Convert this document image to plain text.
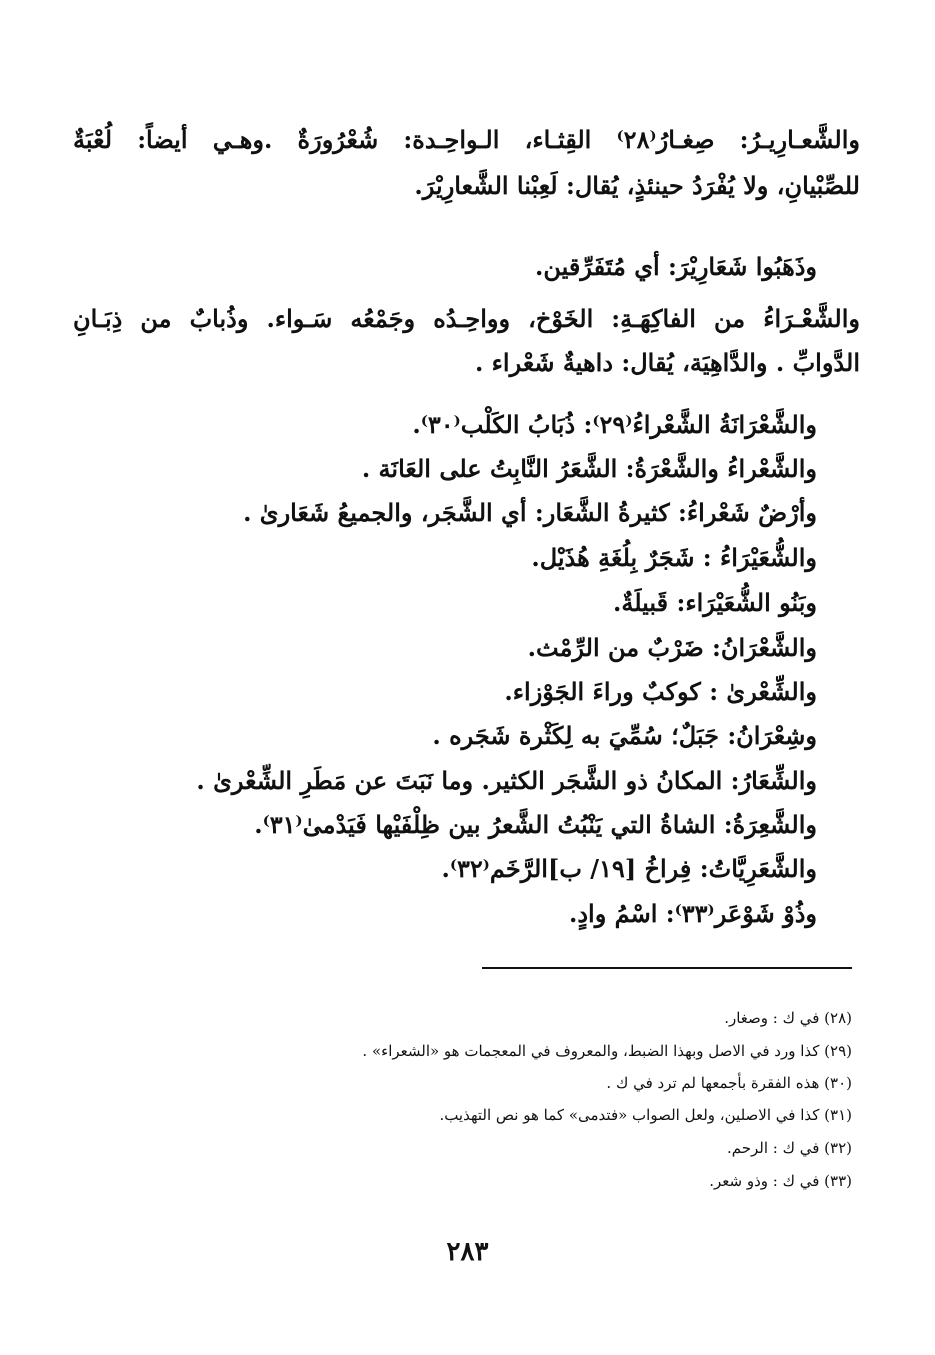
والشَّعـارِيـرُ: صِغـارُ⁽٢٨⁾ القِثـاء، الـواحِـدة: شُعْرُورَةٌ .وهـي أيضاً: لُعْبَةٌ
للصِّبْيانِ، ولا يُفْرَدُ حينئذٍ، يُقال: لَعِبْنا الشَّعارِيْرَ.
وذَهَبُوا شَعَارِيْرَ: أي مُتَفَرِّقين.
والشَّعْـرَاءُ من الفاكِهَـةِ: الخَوْخ، وواحِـدُه وجَمْعُه سَـواء. وذُبابٌ من ذِبَـانِ
الدَّوابِّ . والدَّاهِيَة، يُقال: داهيةٌ شَعْراء .
والشَّعْرَانَةُ الشَّعْراءُ⁽٢٩⁾: ذُبَابُ الكَلْب⁽٣٠⁾.
والشَّعْراءُ والشَّعْرَةُ: الشَّعَرُ النَّابِتُ على العَانَة .
وأرْضٌ شَعْراءُ: كثيرةُ الشَّعَار: أي الشَّجَر، والجميعُ شَعَارىٰ .
والشُّعَيْرَاءُ : شَجَرٌ بِلُغَةِ هُذَيْل.
وبَنُو الشُّعَيْرَاء: قَبيلَةٌ.
والشَّعْرَانُ: ضَرْبٌ من الرِّمْث.
والشِّعْرىٰ : كوكبٌ وراءَ الجَوْزاء.
وشِعْرَانُ: جَبَلٌ؛ سُمِّيَ به لِكَثْرة شَجَره .
والشِّعَارُ: المكانُ ذو الشَّجَر الكثير. وما نَبَتَ عن مَطَرِ الشِّعْرىٰ .
والشَّعِرَةُ: الشاةُ التي يَنْبُتُ الشَّعرُ بين ظِلْفَيْها فَيَدْمىٰ⁽٣١⁾.
والشَّعَرِيَّاتُ: فِراخُ [١٩/ ب]الرَّخَم⁽٣٢⁾.
وذُوْ شَوْعَر⁽٣٣⁾: اسْمُ وادٍ.
(٢٨) في ك : وصغار.
(٢٩) كذا ورد في الاصل وبهذا الضبط، والمعروف في المعجمات هو «الشعراء» .
(٣٠) هذه الفقرة بأجمعها لم ترد في ك .
(٣١) كذا في الاصلين، ولعل الصواب «فتدمى» كما هو نص التهذيب.
(٣٢) في ك : الرحم.
(٣٣) في ك : وذو شعر.
٢٨٣
